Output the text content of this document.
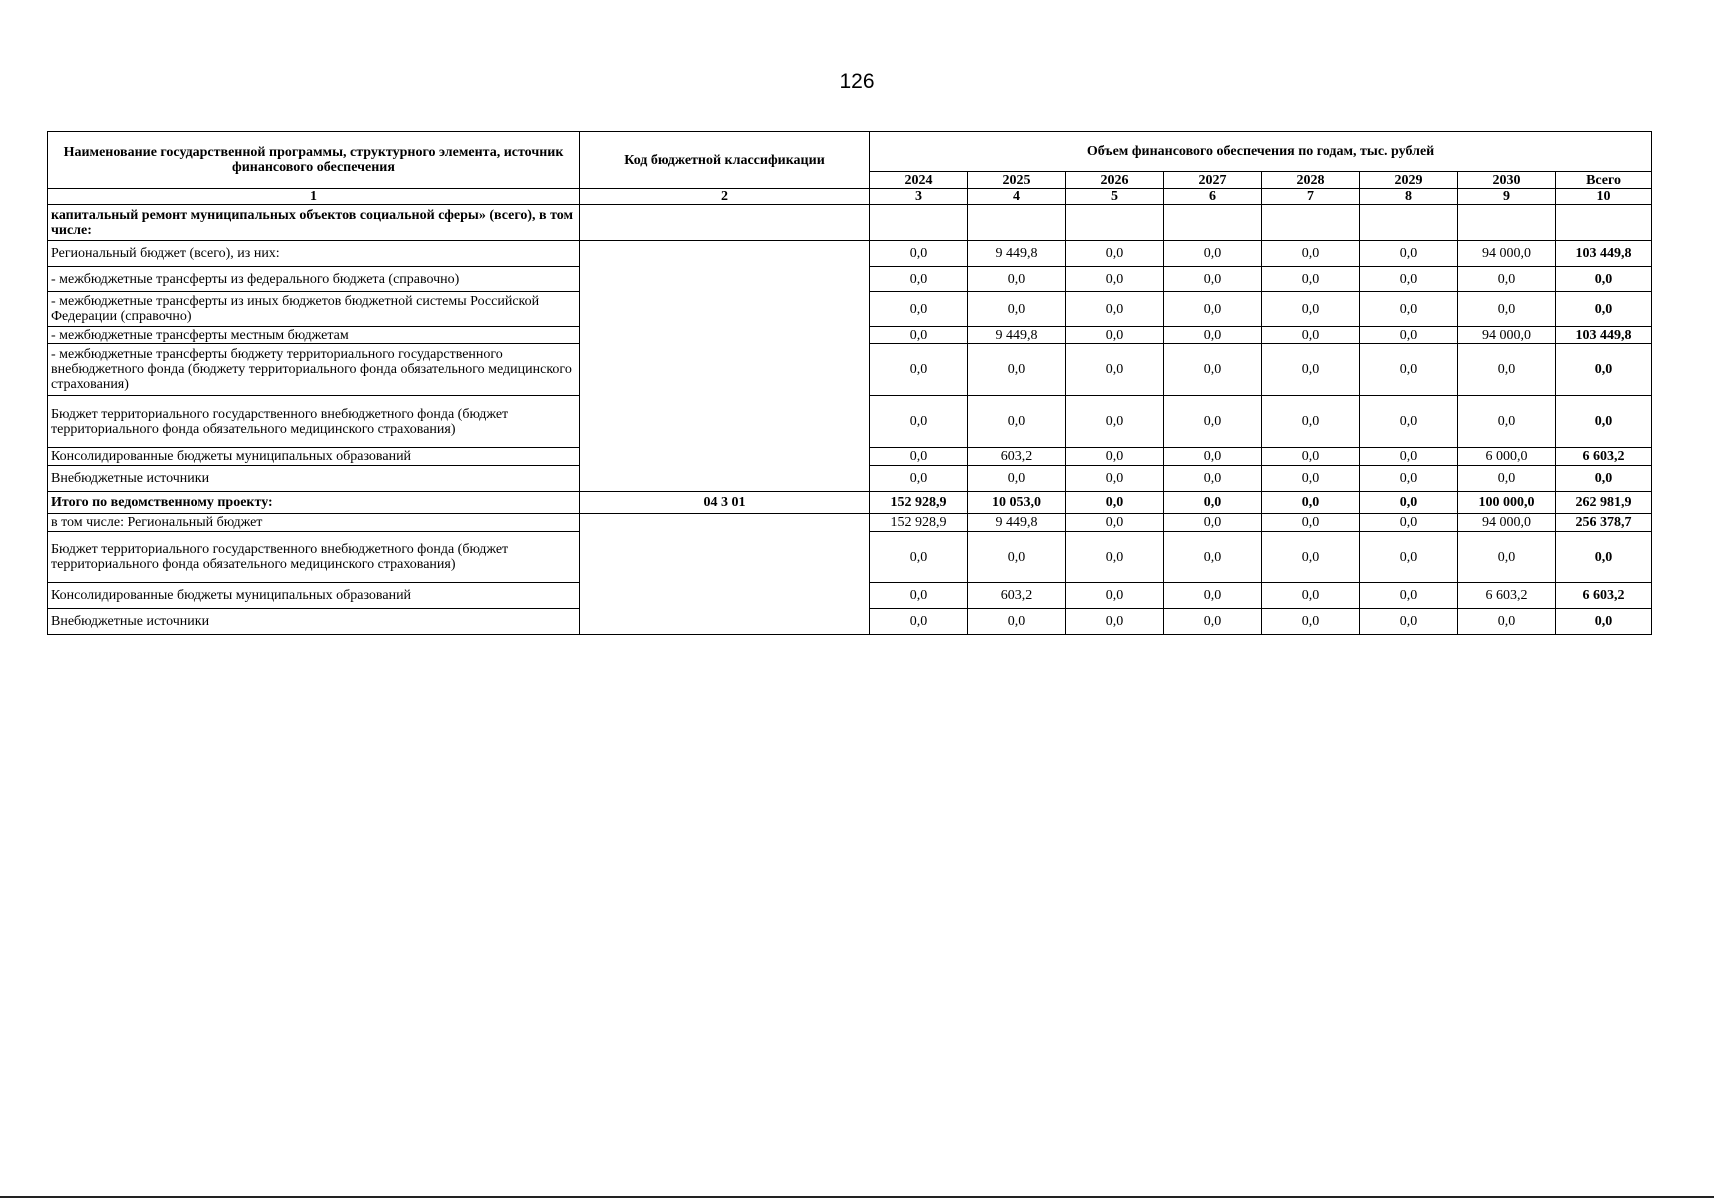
126
Наименование государственной программы, структурного элемента, источник финансового обеспечения	Код бюджетной классификации	Объем финансового обеспечения по годам, тыс. рублей							
		2024	2025	2026	2027	2028	2029	2030	Всего
1	2	3	4	5	6	7	8	9	10
капитальный ремонт муниципальных объектов социальной сферы» (всего), в том числе:									
Региональный бюджет (всего), из них:		0,0	9 449,8	0,0	0,0	0,0	0,0	94 000,0	103 449,8
- межбюджетные трансферты из федерального бюджета (справочно)		0,0	0,0	0,0	0,0	0,0	0,0	0,0	0,0
- межбюджетные трансферты из иных бюджетов бюджетной системы Российской Федерации (справочно)		0,0	0,0	0,0	0,0	0,0	0,0	0,0	0,0
- межбюджетные трансферты местным бюджетам		0,0	9 449,8	0,0	0,0	0,0	0,0	94 000,0	103 449,8
- межбюджетные трансферты бюджету территориального государственного внебюджетного фонда (бюджету территориального фонда обязательного медицинского страхования)		0,0	0,0	0,0	0,0	0,0	0,0	0,0	0,0
Бюджет территориального государственного внебюджетного фонда (бюджет территориального фонда обязательного медицинского страхования)		0,0	0,0	0,0	0,0	0,0	0,0	0,0	0,0
Консолидированные бюджеты муниципальных образований		0,0	603,2	0,0	0,0	0,0	0,0	6 000,0	6 603,2
Внебюджетные источники		0,0	0,0	0,0	0,0	0,0	0,0	0,0	0,0
Итого по ведомственному проекту:	04 3 01	152 928,9	10 053,0	0,0	0,0	0,0	0,0	100 000,0	262 981,9
в том числе: Региональный бюджет		152 928,9	9 449,8	0,0	0,0	0,0	0,0	94 000,0	256 378,7
Бюджет территориального государственного внебюджетного фонда (бюджет территориального фонда обязательного медицинского страхования)		0,0	0,0	0,0	0,0	0,0	0,0	0,0	0,0
Консолидированные бюджеты муниципальных образований		0,0	603,2	0,0	0,0	0,0	0,0	6 603,2	6 603,2
Внебюджетные источники		0,0	0,0	0,0	0,0	0,0	0,0	0,0	0,0
